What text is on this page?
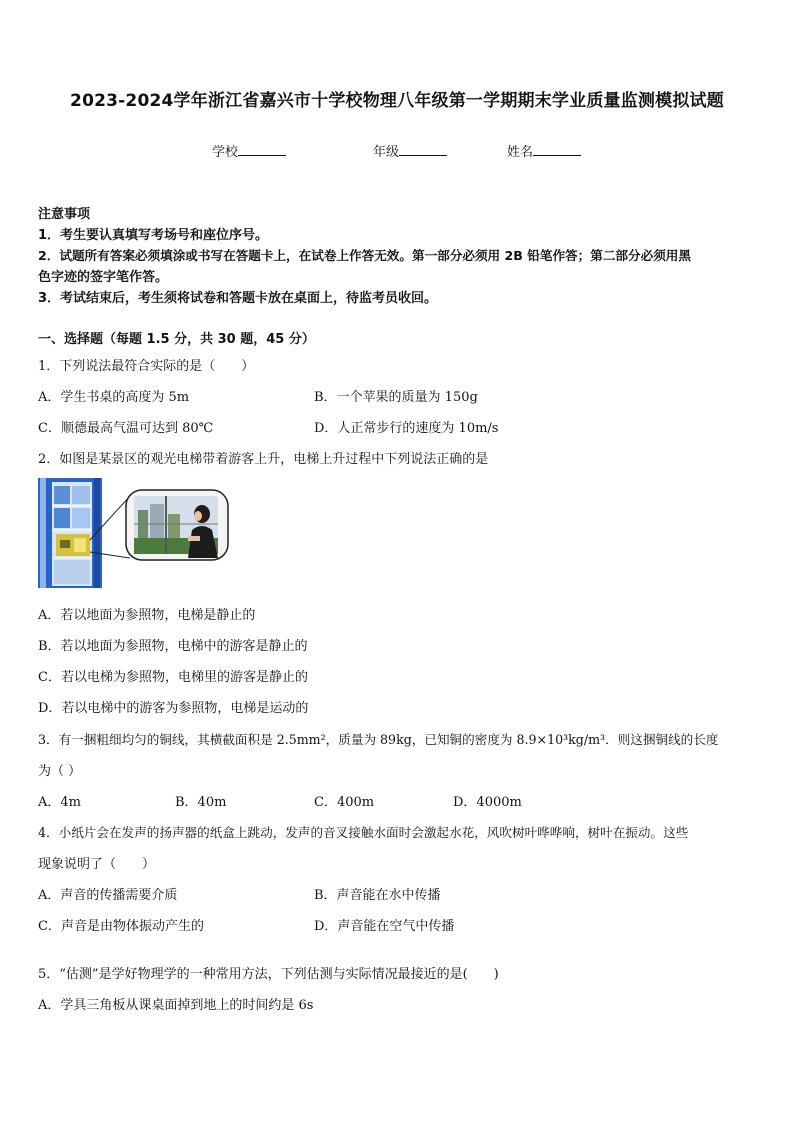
2023-2024学年浙江省嘉兴市十学校物理八年级第一学期期末学业质量监测模拟试题
学校	年级	姓名
注意事项
1．考生要认真填写考场号和座位序号。
2．试题所有答案必须填涂或书写在答题卡上，在试卷上作答无效。第一部分必须用 2B 铅笔作答；第二部分必须用黑
色字迹的签字笔作答。
3．考试结束后，考生须将试卷和答题卡放在桌面上，待监考员收回。
一、选择题（每题 1.5 分，共 30 题，45 分）
1．下列说法最符合实际的是（　　）
A．学生书桌的高度为 5m	B．一个苹果的质量为 150g
C．顺德最高气温可达到 80℃	D．人正常步行的速度为 10m/s
2．如图是某景区的观光电梯带着游客上升，电梯上升过程中下列说法正确的是
A．若以地面为参照物，电梯是静止的
B．若以地面为参照物，电梯中的游客是静止的
C．若以电梯为参照物，电梯里的游客是静止的
D．若以电梯中的游客为参照物，电梯是运动的
3．有一捆粗细均匀的铜线，其横截面积是 2.5mm²，质量为 89kg，已知铜的密度为 8.9×10³kg/m³．则这捆铜线的长度
为（ ）
A．4m	B．40m	C．400m	D．4000m
4．小纸片会在发声的扬声器的纸盒上跳动，发声的音叉接触水面时会激起水花，风吹树叶哗哗响，树叶在振动。这些
现象说明了（　　）
A．声音的传播需要介质	B．声音能在水中传播
C．声音是由物体振动产生的	D．声音能在空气中传播
5．“估测”是学好物理学的一种常用方法，下列估测与实际情况最接近的是(　　)
A．学具三角板从课桌面掉到地上的时间约是 6s
